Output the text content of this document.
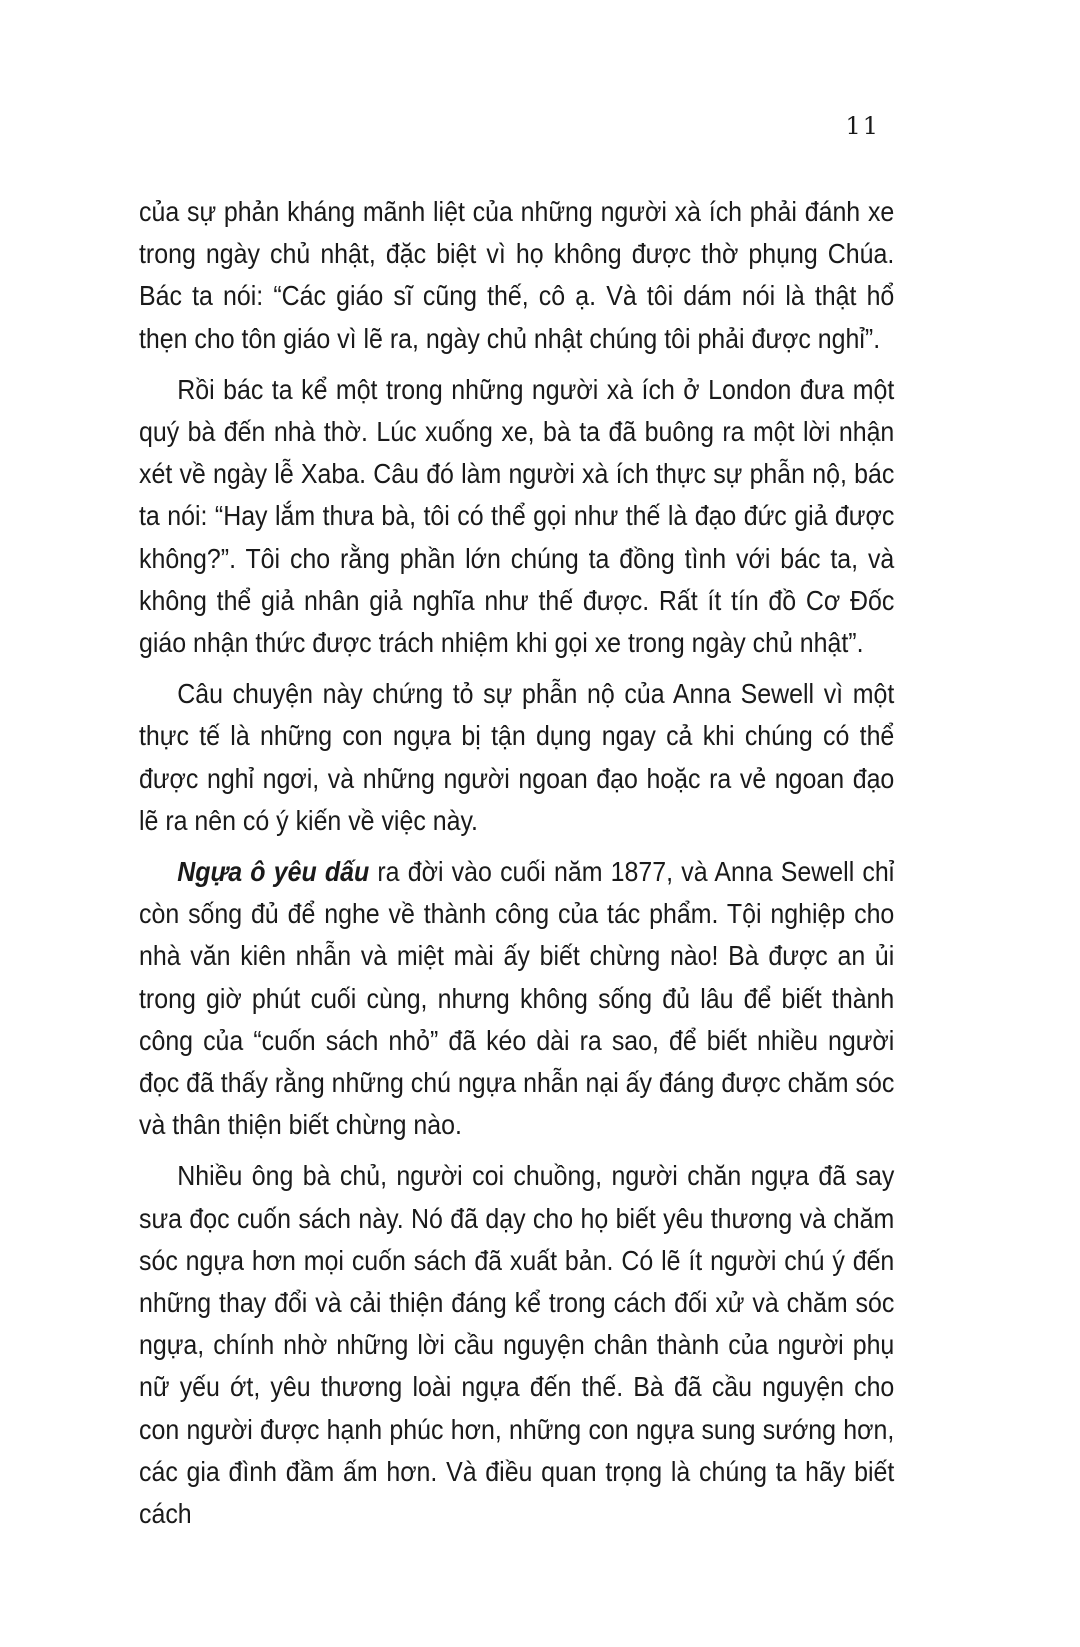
11

của sự phản kháng mãnh liệt của những người xà ích phải đánh xe trong ngày chủ nhật, đặc biệt vì họ không được thờ phụng Chúa. Bác ta nói: “Các giáo sĩ cũng thế, cô ạ. Và tôi dám nói là thật hổ thẹn cho tôn giáo vì lẽ ra, ngày chủ nhật chúng tôi phải được nghỉ”.

Rồi bác ta kể một trong những người xà ích ở London đưa một quý bà đến nhà thờ. Lúc xuống xe, bà ta đã buông ra một lời nhận xét về ngày lễ Xaba. Câu đó làm người xà ích thực sự phẫn nộ, bác ta nói: “Hay lắm thưa bà, tôi có thể gọi như thế là đạo đức giả được không?”. Tôi cho rằng phần lớn chúng ta đồng tình với bác ta, và không thể giả nhân giả nghĩa như thế được. Rất ít tín đồ Cơ Đốc giáo nhận thức được trách nhiệm khi gọi xe trong ngày chủ nhật”.

Câu chuyện này chứng tỏ sự phẫn nộ của Anna Sewell vì một thực tế là những con ngựa bị tận dụng ngay cả khi chúng có thể được nghỉ ngơi, và những người ngoan đạo hoặc ra vẻ ngoan đạo lẽ ra nên có ý kiến về việc này.

Ngựa ô yêu dấu ra đời vào cuối năm 1877, và Anna Sewell chỉ còn sống đủ để nghe về thành công của tác phẩm. Tội nghiệp cho nhà văn kiên nhẫn và miệt mài ấy biết chừng nào! Bà được an ủi trong giờ phút cuối cùng, nhưng không sống đủ lâu để biết thành công của “cuốn sách nhỏ” đã kéo dài ra sao, để biết nhiều người đọc đã thấy rằng những chú ngựa nhẫn nại ấy đáng được chăm sóc và thân thiện biết chừng nào.

Nhiều ông bà chủ, người coi chuồng, người chăn ngựa đã say sưa đọc cuốn sách này. Nó đã dạy cho họ biết yêu thương và chăm sóc ngựa hơn mọi cuốn sách đã xuất bản. Có lẽ ít người chú ý đến những thay đổi và cải thiện đáng kể trong cách đối xử và chăm sóc ngựa, chính nhờ những lời cầu nguyện chân thành của người phụ nữ yếu ớt, yêu thương loài ngựa đến thế. Bà đã cầu nguyện cho con người được hạnh phúc hơn, những con ngựa sung sướng hơn, các gia đình đầm ấm hơn. Và điều quan trọng là chúng ta hãy biết cách
